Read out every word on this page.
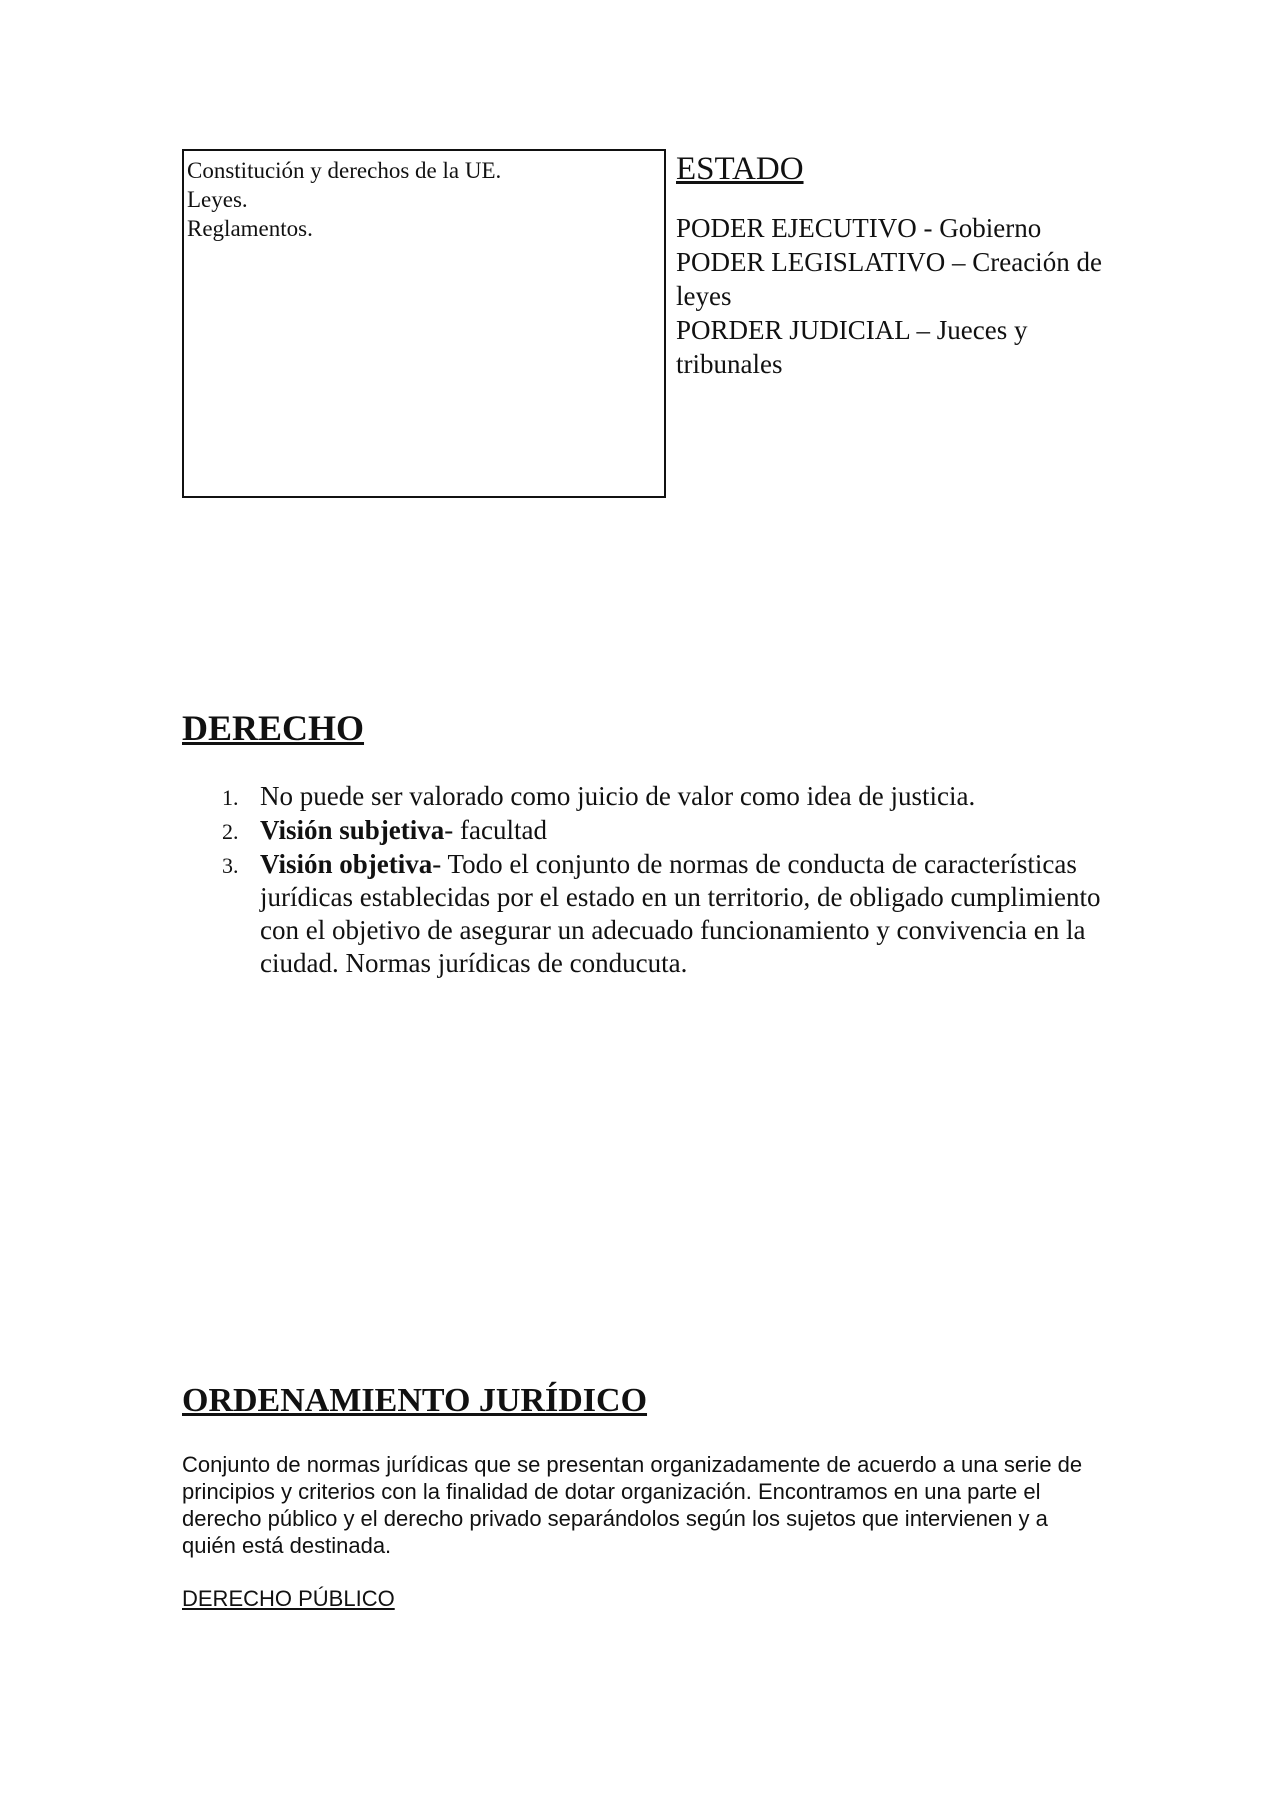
Constitución y derechos de la UE.
Leyes.
Reglamentos.
ESTADO
PODER EJECUTIVO - Gobierno
PODER LEGISLATIVO – Creación de leyes
PORDER JUDICIAL – Jueces y tribunales
DERECHO
1. No puede ser valorado como juicio de valor como idea de justicia.
2. Visión subjetiva- facultad
3. Visión objetiva- Todo el conjunto de normas de conducta de características jurídicas establecidas por el estado en un territorio, de obligado cumplimiento con el objetivo de asegurar un adecuado funcionamiento y convivencia en la ciudad. Normas jurídicas de conducuta.
ORDENAMIENTO JURÍDICO

Conjunto de normas jurídicas que se presentan organizadamente de acuerdo a una serie de principios y criterios con la finalidad de dotar organización. Encontramos en una parte el derecho público y el derecho privado separándolos según los sujetos que intervienen y a quién está destinada.

DERECHO PÚBLICO
